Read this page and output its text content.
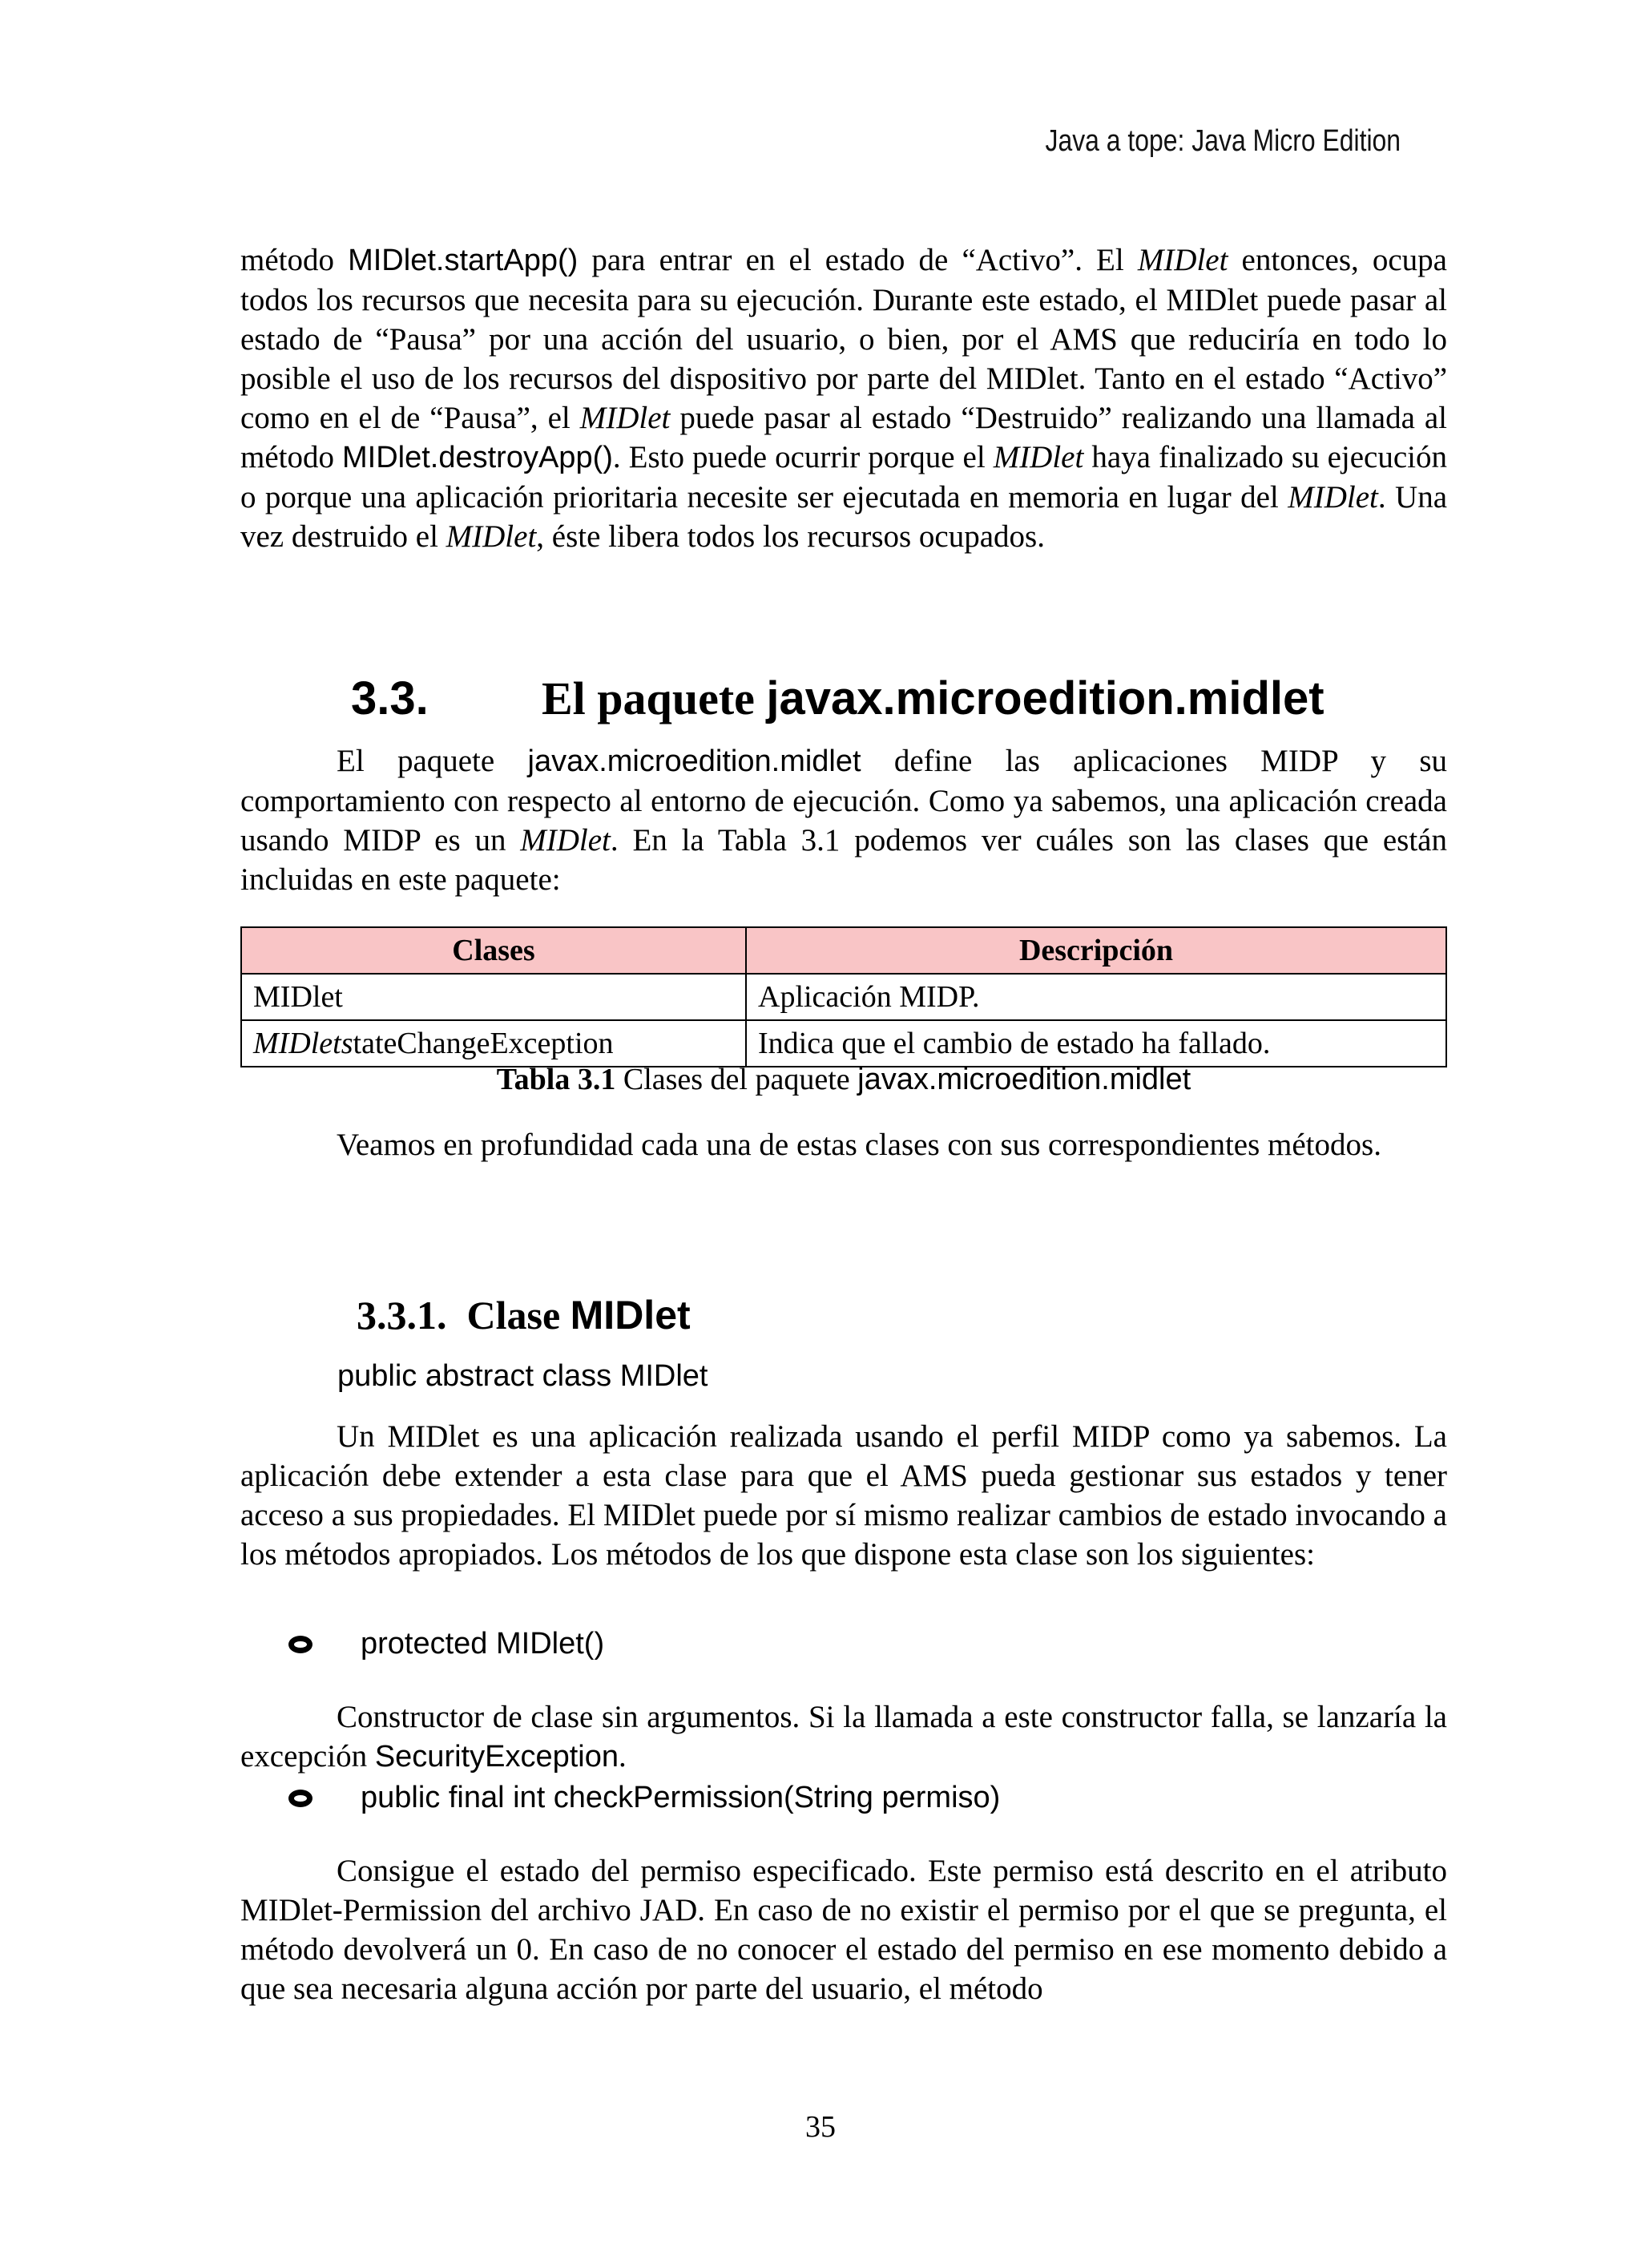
Java a tope: Java Micro Edition

método MIDlet.startApp() para entrar en el estado de “Activo”. El MIDlet entonces, ocupa todos los recursos que necesita para su ejecución. Durante este estado, el MIDlet puede pasar al estado de “Pausa” por una acción del usuario, o bien, por el AMS que reduciría en todo lo posible el uso de los recursos del dispositivo por parte del MIDlet. Tanto en el estado “Activo” como en el de “Pausa”, el MIDlet puede pasar al estado “Destruido” realizando una llamada al método MIDlet.destroyApp(). Esto puede ocurrir porque el MIDlet haya finalizado su ejecución o porque una aplicación prioritaria necesite ser ejecutada en memoria en lugar del MIDlet. Una vez destruido el MIDlet, éste libera todos los recursos ocupados.

3.3. El paquete javax.microedition.midlet

El paquete javax.microedition.midlet define las aplicaciones MIDP y su comportamiento con respecto al entorno de ejecución. Como ya sabemos, una aplicación creada usando MIDP es un MIDlet. En la Tabla 3.1 podemos ver cuáles son las clases que están incluidas en este paquete:

Clases	Descripción
MIDlet	Aplicación MIDP.
MIDletstateChangeException	Indica que el cambio de estado ha fallado.
Tabla 3.1 Clases del paquete javax.microedition.midlet

Veamos en profundidad cada una de estas clases con sus correspondientes métodos.

3.3.1. Clase MIDlet
public abstract class MIDlet

Un MIDlet es una aplicación realizada usando el perfil MIDP como ya sabemos. La aplicación debe extender a esta clase para que el AMS pueda gestionar sus estados y tener acceso a sus propiedades. El MIDlet puede por sí mismo realizar cambios de estado invocando a los métodos apropiados. Los métodos de los que dispone esta clase son los siguientes:

protected MIDlet()

Constructor de clase sin argumentos. Si la llamada a este constructor falla, se lanzaría la excepción SecurityException.

public final int checkPermission(String permiso)

Consigue el estado del permiso especificado. Este permiso está descrito en el atributo MIDlet-Permission del archivo JAD. En caso de no existir el permiso por el que se pregunta, el método devolverá un 0. En caso de no conocer el estado del permiso en ese momento debido a que sea necesaria alguna acción por parte del usuario, el método

35
